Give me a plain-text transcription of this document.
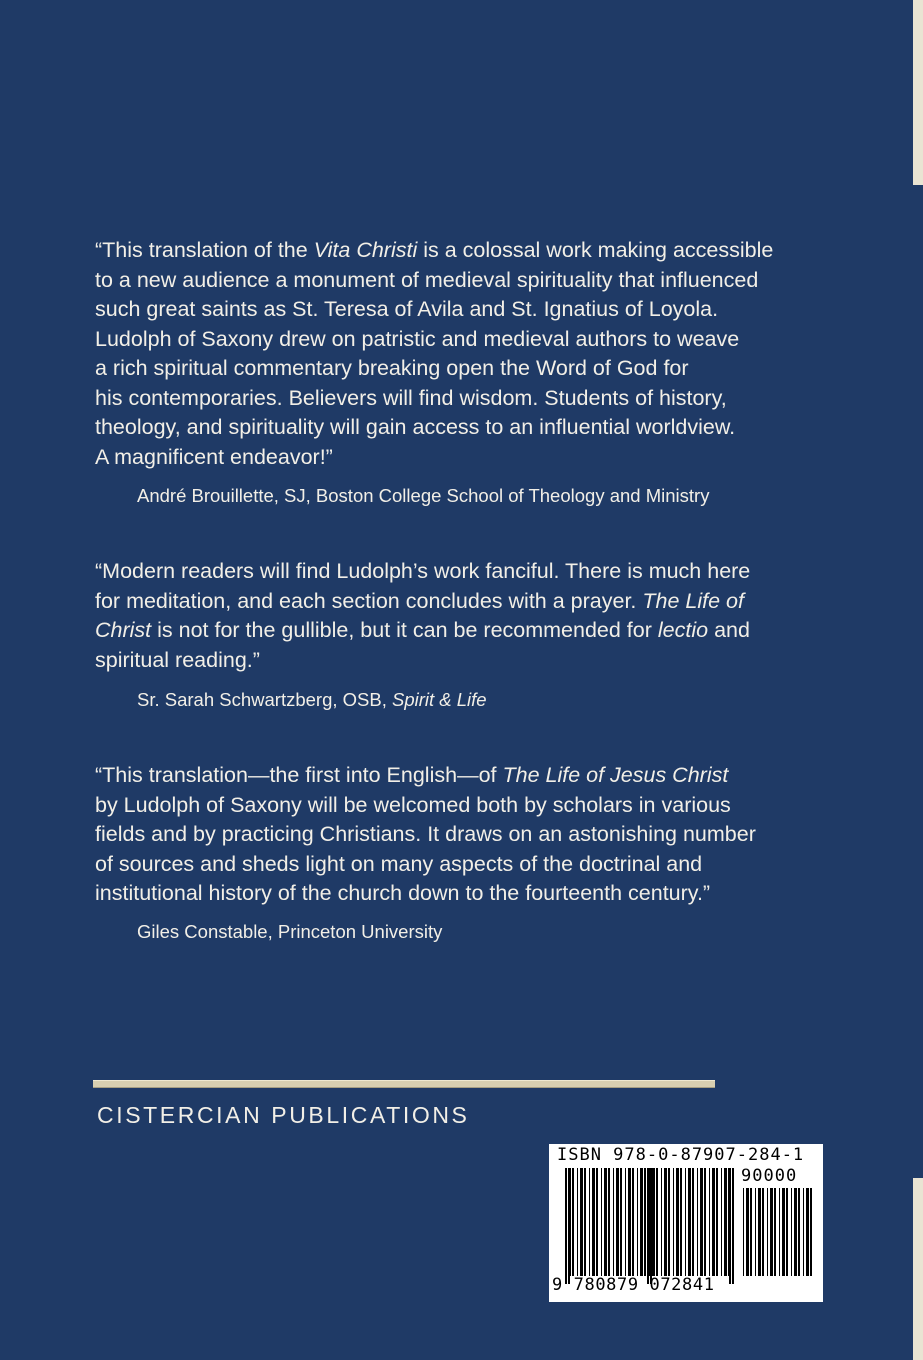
“This translation of the Vita Christi is a colossal work making accessible
to a new audience a monument of medieval spirituality that influenced
such great saints as St. Teresa of Avila and St. Ignatius of Loyola.
Ludolph of Saxony drew on patristic and medieval authors to weave
a rich spiritual commentary breaking open the Word of God for
his contemporaries. Believers will find wisdom. Students of history,
theology, and spirituality will gain access to an influential worldview.
A magnificent endeavor!”
André Brouillette, SJ, Boston College School of Theology and Ministry
“Modern readers will find Ludolph’s work fanciful. There is much here
for meditation, and each section concludes with a prayer. The Life of
Christ is not for the gullible, but it can be recommended for lectio and
spiritual reading.”
Sr. Sarah Schwartzberg, OSB, Spirit & Life
“This translation—the first into English—of The Life of Jesus Christ
by Ludolph of Saxony will be welcomed both by scholars in various
fields and by practicing Christians. It draws on an astonishing number
of sources and sheds light on many aspects of the doctrinal and
institutional history of the church down to the fourteenth century.”
Giles Constable, Princeton University
CISTERCIAN PUBLICATIONS
ISBN 978-0-87907-284-1
90000
9 780879 072841
